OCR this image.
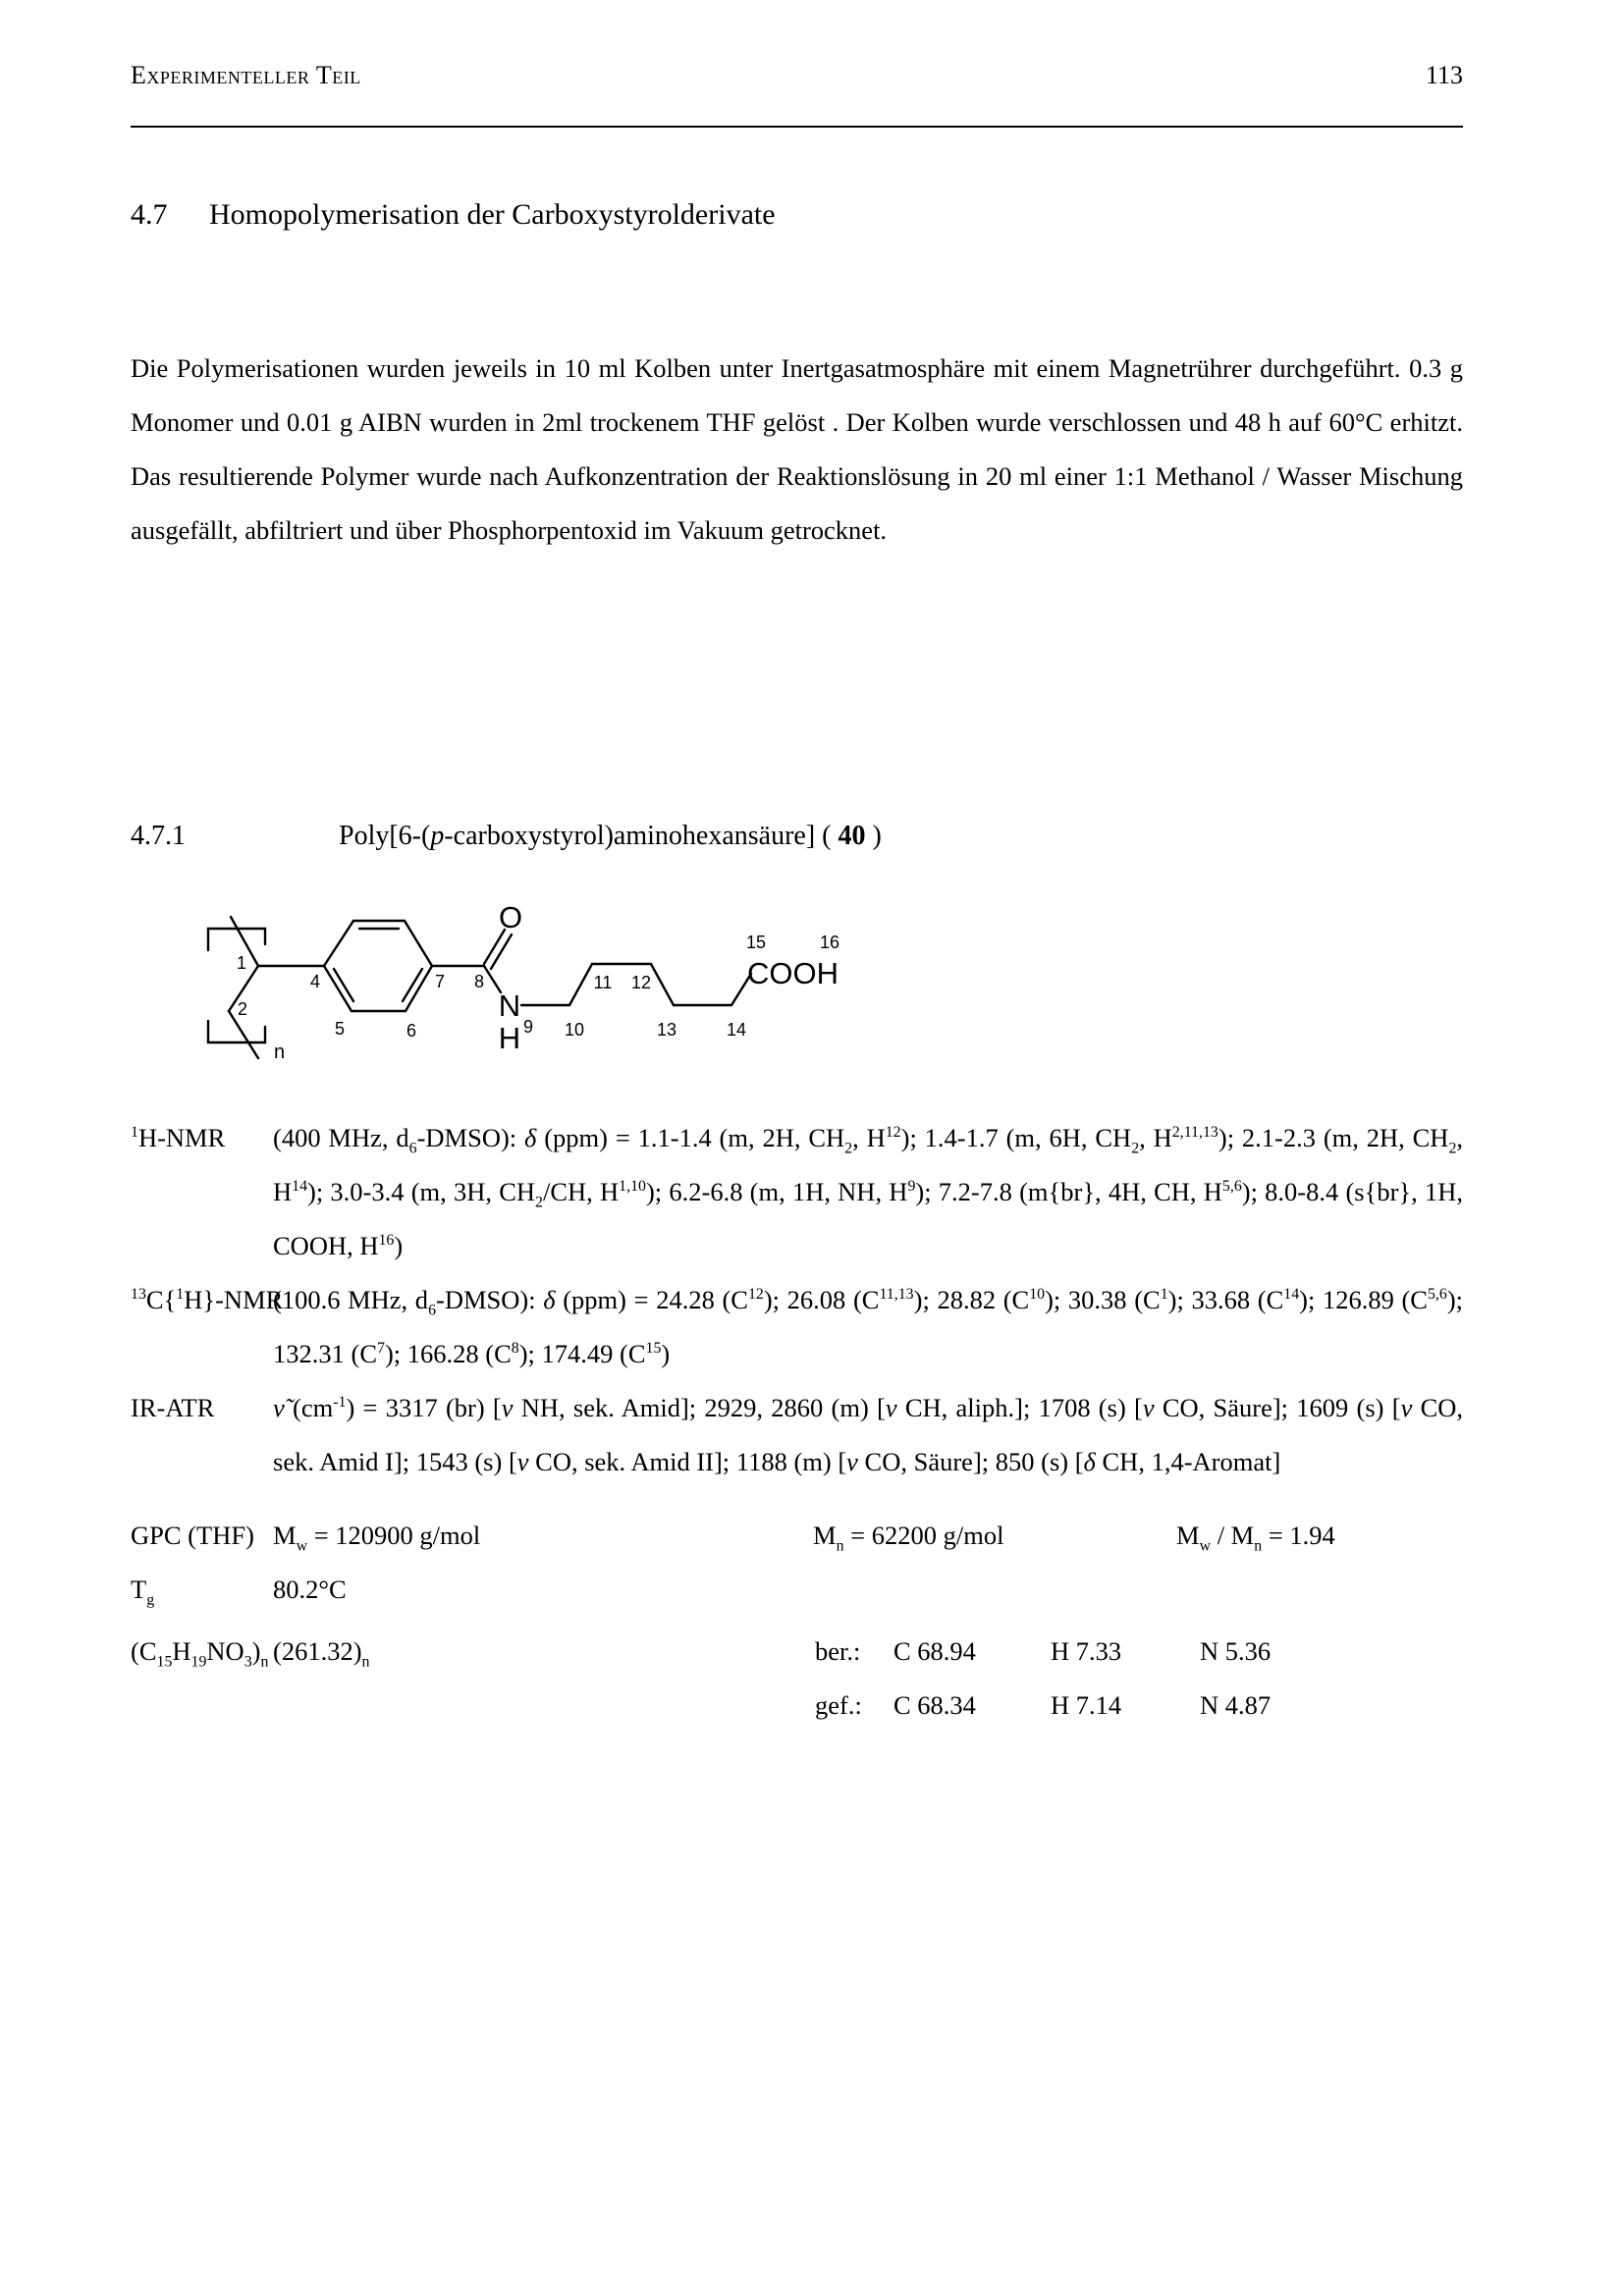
Experimenteller Teil	113
4.7	Homopolymerisation der Carboxystyrolderivate

Die Polymerisationen wurden jeweils in 10 ml Kolben unter Inertgasatmosphäre mit einem Magnetrührer durchgeführt. 0.3 g Monomer und 0.01 g AIBN wurden in 2ml trockenem THF gelöst . Der Kolben wurde verschlossen und 48 h auf 60°C erhitzt. Das resultierende Polymer wurde nach Aufkonzentration der Reaktionslösung in 20 ml einer 1:1 Methanol / Wasser Mischung ausgefällt, abfiltriert und über Phosphorpentoxid im Vakuum getrocknet.

4.7.1	Poly[6-(p-carboxystyrol)aminohexansäure] ( 40 )
O
N
H
COOH
1
2
n
4
5	6
7 8
9 10
11 12
13	14
15	16
$^1$H-NMR	(400 MHz, $d_6-DMSO$): δ (ppm) = 1.1-1.4 (m, 2H, $CH_2$, $H^{12}$); 1.4-1.7 (m, 6H, $CH_2$, H$^{2,11,13}$); 2.1-2.3 (m, 2H, $CH_2$, $H^{14}$); 3.0-3.4 (m, 3H, $CH_2/CH$, H$^{1,10}$); 6.2-6.8 (m, 1H, NH, $H^9$); 7.2-7.8 (m{br}, 4H, CH, H$^{5,6}$); 8.0-8.4 (s{br}, 1H, COOH, $H^{16}$)
$^{13}$C{$^1$H}-NMR
(100.6 MHz, $d_6-DMSO$): δ (ppm) = 24.28 $(C^{12})$; 26.08 $(C^{11,13})$; 28.82 $(C^{10})$; 30.38 $(C^1)$; 33.68 $(C^{14})$; 126.89 $(C^{5,6})$; 132.31 $(C^7)$; 166.28 $(C^8)$; 174.49 $(C^{15})$
IR-ATR	ν̃ $(cm^{-1}) = 3317$ (br) [ν NH, sek. Amid]; 2929, 2860 (m) [ν CH, aliph.]; 1708 (s) [ν CO, Säure]; 1609 (s) [ν CO, sek. Amid I]; 1543 (s) [ν CO, sek. Amid II]; 1188 (m) [ν CO, Säure]; 850 (s) [δ CH, 1,4-Aromat]
GPC (THF) $M_w = 120900$ g/mol	$M_n = 62200$ g/mol	$M_w / M_n = 1.94$
$T_g$	80.2°C
$(C_{15}H_{19}NO_3)_n$ $(261.32)_n$	ber.:	C 68.94	H 7.33	N 5.36
gef.:	C 68.34	H 7.14	N 4.87
